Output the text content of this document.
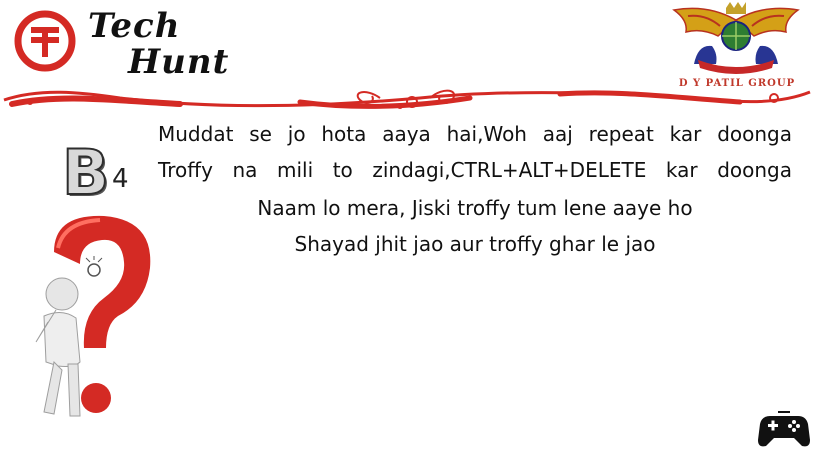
Tech
Hunt
D Y PATIL GROUP
B 4
Muddat se jo hota aaya hai,Woh aaj repeat kar doonga
Troffy na mili to zindagi,CTRL+ALT+DELETE kar doonga
Naam lo mera, Jiski troffy tum lene aaye ho
Shayad jhit jao aur troffy ghar le jao
